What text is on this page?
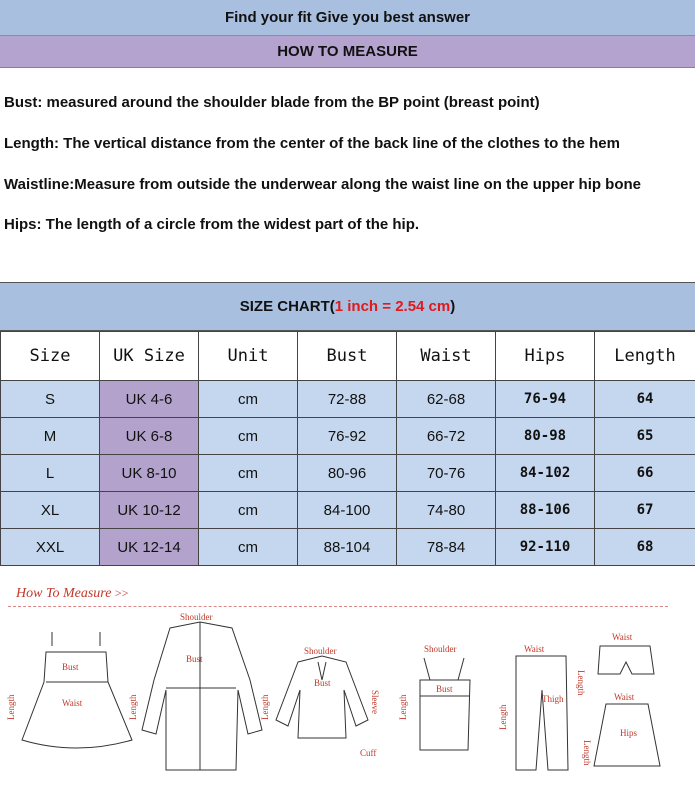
Find your fit Give you best answer
HOW TO MEASURE
Bust: measured around the shoulder blade from the BP point (breast point)
Length: The vertical distance from the center of the back line of the clothes to the hem
Waistline:Measure from outside the underwear along the waist line on the upper hip bone
Hips: The length of a circle from the widest part of the hip.
SIZE CHART( 1 inch = 2.54 cm )
Size	UK Size	Unit	Bust	Waist	Hips	Length
S	UK 4-6	cm	72-88	62-68	76-94	64
M	UK 6-8	cm	76-92	66-72	80-98	65
L	UK 8-10	cm	80-96	70-76	84-102	66
XL	UK 10-12	cm	84-100	74-80	88-106	67
XXL	UK 12-14	cm	88-104	78-84	92-110	68
Bust
Waist
Length
Shoulder
Bust
Length
Shoulder
Bust
Length	Sleeve
Cuff
Shoulder
Bust
Length
Waist
Thigh
Length
Length
Waist
Waist
Hips
Length
How To Measure >>
